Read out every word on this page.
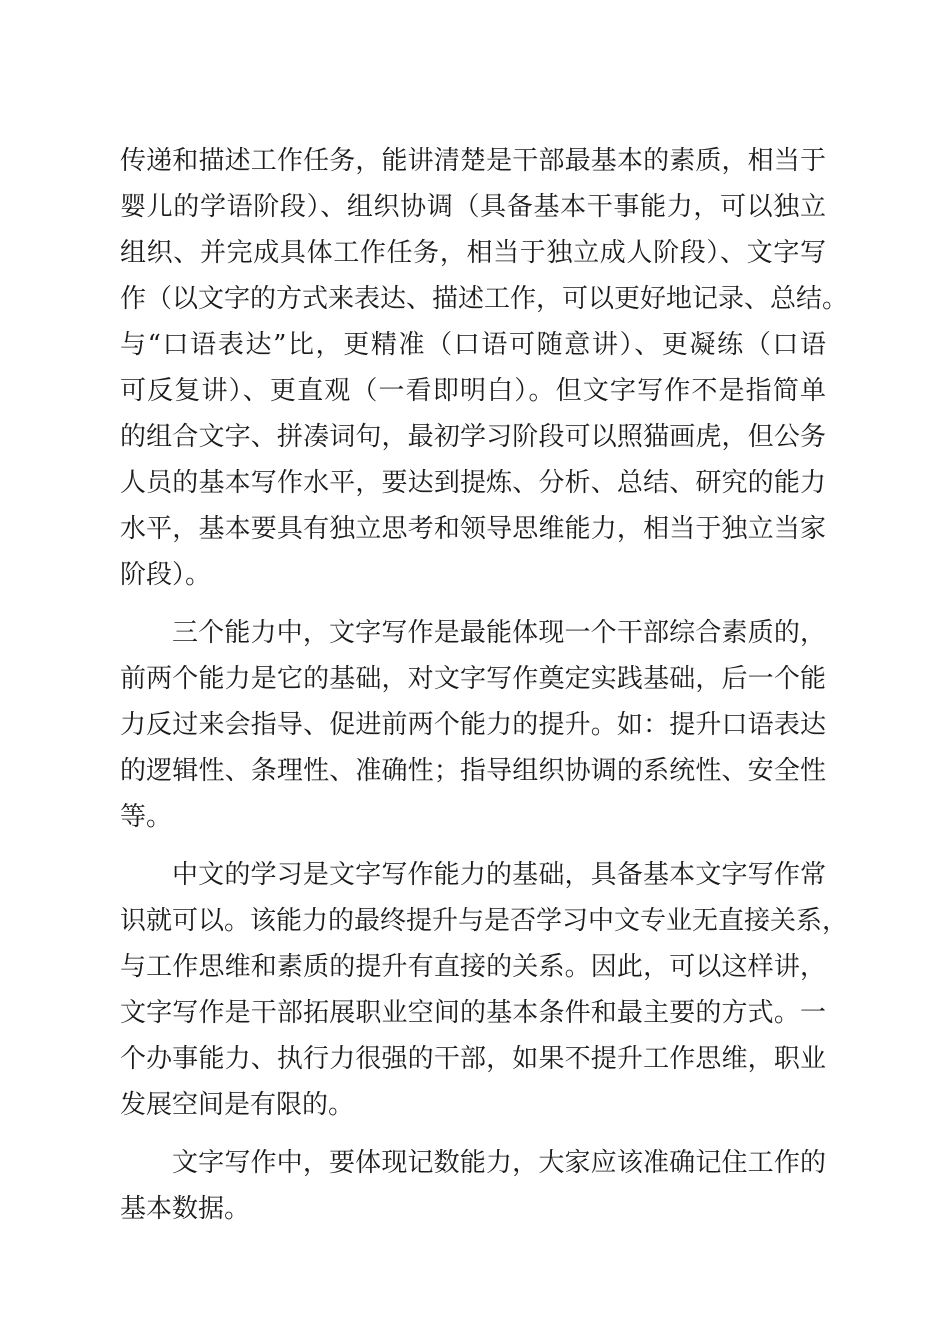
传递和描述工作任务，能讲清楚是干部最基本的素质，相当于
婴儿的学语阶段）、组织协调（具备基本干事能力，可以独立
组织、并完成具体工作任务，相当于独立成人阶段）、文字写
作（以文字的方式来表达、描述工作，可以更好地记录、总结。
与“口语表达”比，更精准（口语可随意讲）、更凝练（口语
可反复讲）、更直观（一看即明白）。但文字写作不是指简单
的组合文字、拼凑词句，最初学习阶段可以照猫画虎，但公务
人员的基本写作水平，要达到提炼、分析、总结、研究的能力
水平，基本要具有独立思考和领导思维能力，相当于独立当家
阶段）。
三个能力中，文字写作是最能体现一个干部综合素质的，
前两个能力是它的基础，对文字写作奠定实践基础，后一个能
力反过来会指导、促进前两个能力的提升。如：提升口语表达
的逻辑性、条理性、准确性；指导组织协调的系统性、安全性
等。
中文的学习是文字写作能力的基础，具备基本文字写作常
识就可以。该能力的最终提升与是否学习中文专业无直接关系，
与工作思维和素质的提升有直接的关系。因此，可以这样讲，
文字写作是干部拓展职业空间的基本条件和最主要的方式。一
个办事能力、执行力很强的干部，如果不提升工作思维，职业
发展空间是有限的。
文字写作中，要体现记数能力，大家应该准确记住工作的
基本数据。
